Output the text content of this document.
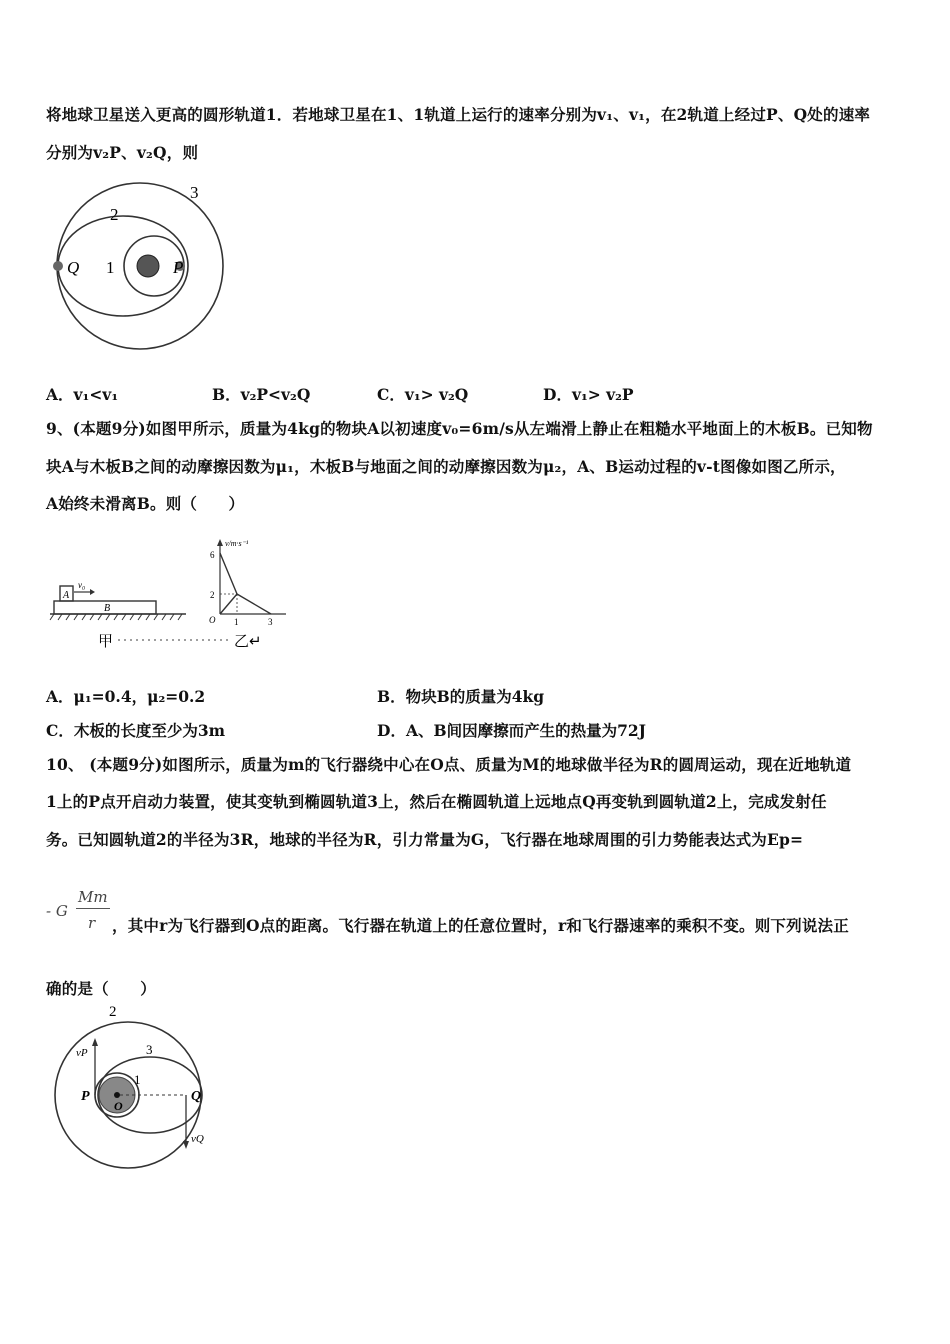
将地球卫星送入更高的圆形轨道1．若地球卫星在1、1轨道上运行的速率分别为v₁、v₁，在2轨道上经过P、Q处的速率
分别为v₂P、v₂Q，则
3
2
1
Q	P
A．v₁<v₁	B．v₂P<v₂Q	C．v₁> v₂Q	D．v₁> v₂P
9、(本题9分)如图甲所示，质量为4kg的物块A以初速度v₀=6m/s从左端滑上静止在粗糙水平地面上的木板B。已知物
块A与木板B之间的动摩擦因数为μ₁，木板B与地面之间的动摩擦因数为μ₂，A、B运动过程的v-t图像如图乙所示，
A始终未滑离B。则（　　）
A
v₀
B
甲	乙↵
v/m·s⁻¹
6
2
O 1	3
A．μ₁=0.4，μ₂=0.2	B．物块B的质量为4kg
C．木板的长度至少为3m	D．A、B间因摩擦而产生的热量为72J
10、 (本题9分)如图所示，质量为m的飞行器绕中心在O点、质量为M的地球做半径为R的圆周运动，现在近地轨道
1上的P点开启动力装置，使其变轨到椭圆轨道3上，然后在椭圆轨道上远地点Q再变轨到圆轨道2上，完成发射任
务。已知圆轨道2的半径为3R，地球的半径为R，引力常量为G，飞行器在地球周围的引力势能表达式为Ep=
- G
Mm
r ，其中r为飞行器到O点的距离。飞行器在轨道上的任意位置时，r和飞行器速率的乘积不变。则下列说法正
确的是（　　）
2
3
1
P	Q
O
vP
vQ
